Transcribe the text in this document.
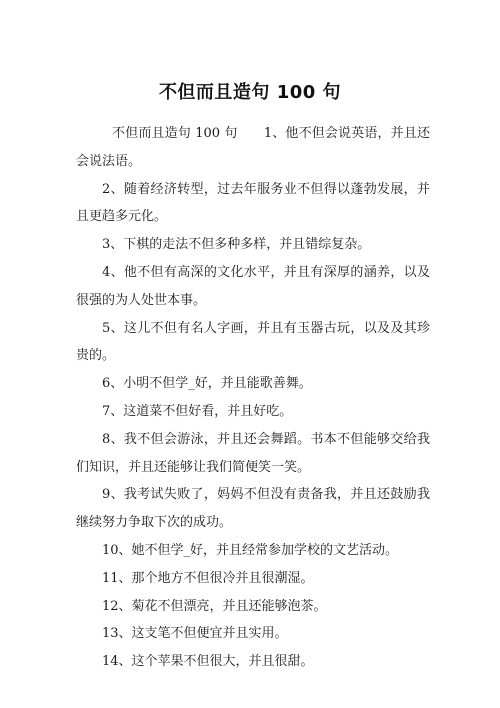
不但而且造句 100 句

不但而且造句 100 句　　1、他不但会说英语，并且还会说法语。

2、随着经济转型，过去年服务业不但得以蓬勃发展，并且更趋多元化。

3、下棋的走法不但多种多样，并且错综复杂。

4、他不但有高深的文化水平，并且有深厚的涵养，以及很强的为人处世本事。

5、这儿不但有名人字画，并且有玉器古玩，以及及其珍贵的。

6、小明不但学_好，并且能歌善舞。

7、这道菜不但好看，并且好吃。

8、我不但会游泳，并且还会舞蹈。书本不但能够交给我们知识，并且还能够让我们简便笑一笑。

9、我考试失败了，妈妈不但没有责备我，并且还鼓励我继续努力争取下次的成功。

10、她不但学_好，并且经常参加学校的文艺活动。

11、那个地方不但很冷并且很潮湿。

12、菊花不但漂亮，并且还能够泡茶。

13、这支笔不但便宜并且实用。

14、这个苹果不但很大，并且很甜。
